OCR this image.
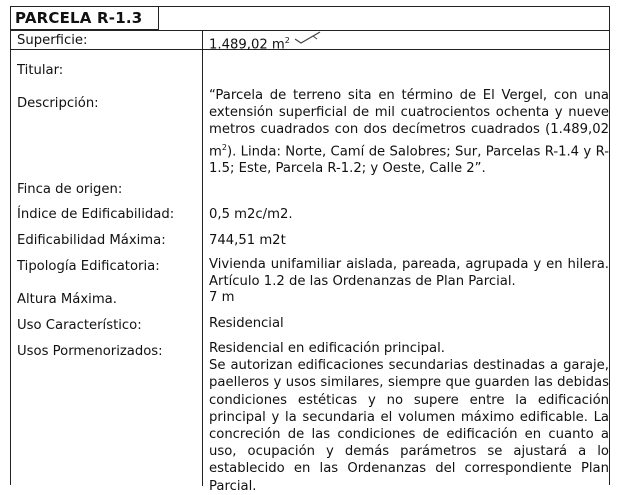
PARCELA R-1.3
Superficie:	1.489,02 $m^2$
Titular:
Descripción:
“Parcela de terreno sita en término de El Vergel, con una extensión superficial de mil cuatrocientos ochenta y nueve metros cuadrados con dos decímetros cuadrados (1.489,02 $m^2$). Linda: Norte, Camí de Salobres; Sur, Parcelas R-1.4 y R-1.5; Este, Parcela R-1.2; y Oeste, Calle 2”.
Finca de origen:
Índice de Edificabilidad:	0,5 m2c/m2.
Edificabilidad Máxima:	744,51 m2t
Tipología Edificatoria:	Vivienda unifamiliar aislada, pareada, agrupada y en hilera. Artículo 1.2 de las Ordenanzas de Plan Parcial.
Altura Máxima.	7 m
Uso Característico:	Residencial
Usos Pormenorizados:	Residencial en edificación principal.
Se autorizan edificaciones secundarias destinadas a garaje, paelleros y usos similares, siempre que guarden las debidas condiciones estéticas y no supere entre la edificación principal y la secundaria el volumen máximo edificable. La concreción de las condiciones de edificación en cuanto a uso, ocupación y demás parámetros se ajustará a lo establecido en las Ordenanzas del correspondiente Plan Parcial.
